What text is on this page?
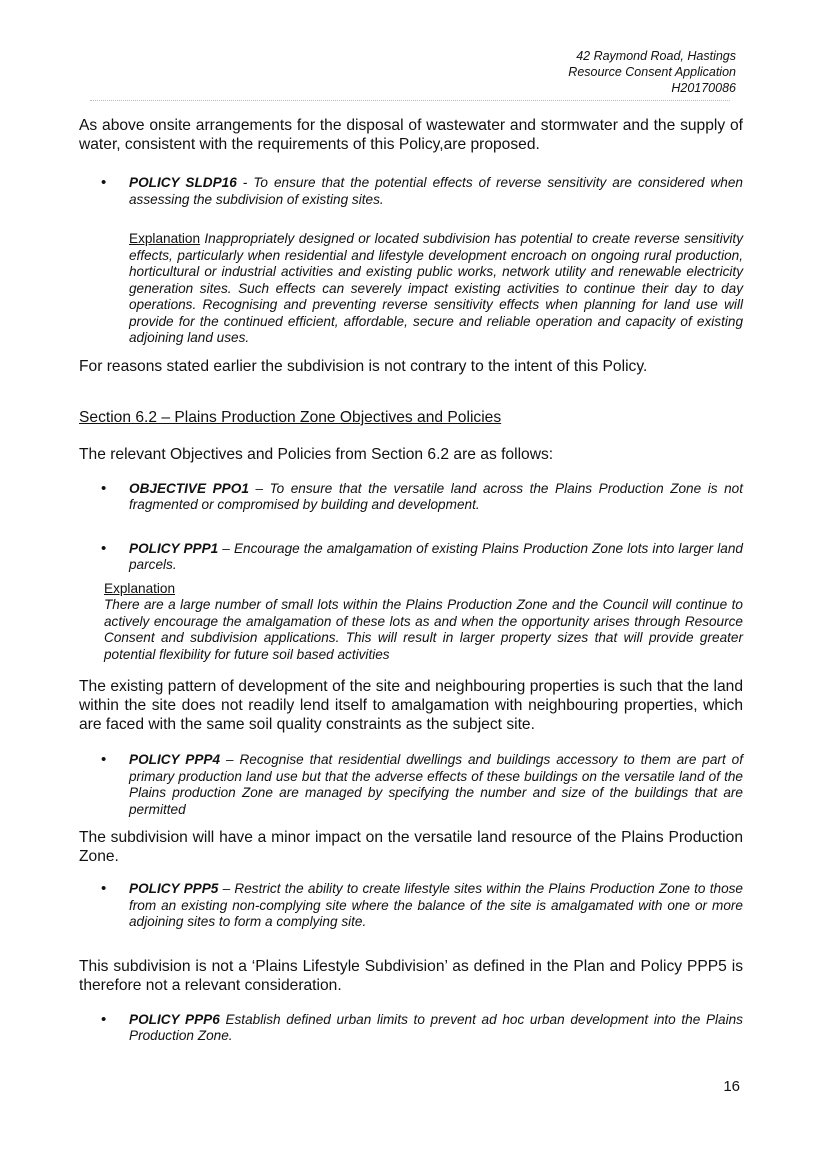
42 Raymond Road, Hastings
Resource Consent Application
H20170086

As above onsite arrangements for the disposal of wastewater and stormwater and the supply of water, consistent with the requirements of this Policy,are proposed.

• POLICY SLDP16 - To ensure that the potential effects of reverse sensitivity are considered when assessing the subdivision of existing sites.
Explanation Inappropriately designed or located subdivision has potential to create reverse sensitivity effects, particularly when residential and lifestyle development encroach on ongoing rural production, horticultural or industrial activities and existing public works, network utility and renewable electricity generation sites. Such effects can severely impact existing activities to continue their day to day operations. Recognising and preventing reverse sensitivity effects when planning for land use will provide for the continued efficient, affordable, secure and reliable operation and capacity of existing adjoining land uses.

For reasons stated earlier the subdivision is not contrary to the intent of this Policy.

Section 6.2 – Plains Production Zone Objectives and Policies

The relevant Objectives and Policies from Section 6.2 are as follows:

• OBJECTIVE PPO1 – To ensure that the versatile land across the Plains Production Zone is not fragmented or compromised by building and development.
• POLICY PPP1 – Encourage the amalgamation of existing Plains Production Zone lots into larger land parcels.
Explanation
There are a large number of small lots within the Plains Production Zone and the Council will continue to actively encourage the amalgamation of these lots as and when the opportunity arises through Resource Consent and subdivision applications. This will result in larger property sizes that will provide greater potential flexibility for future soil based activities

The existing pattern of development of the site and neighbouring properties is such that the land within the site does not readily lend itself to amalgamation with neighbouring properties, which are faced with the same soil quality constraints as the subject site.

• POLICY PPP4 – Recognise that residential dwellings and buildings accessory to them are part of primary production land use but that the adverse effects of these buildings on the versatile land of the Plains production Zone are managed by specifying the number and size of the buildings that are permitted

The subdivision will have a minor impact on the versatile land resource of the Plains Production Zone.

• POLICY PPP5 – Restrict the ability to create lifestyle sites within the Plains Production Zone to those from an existing non-complying site where the balance of the site is amalgamated with one or more adjoining sites to form a complying site.

This subdivision is not a ‘Plains Lifestyle Subdivision’ as defined in the Plan and Policy PPP5 is therefore not a relevant consideration.

• POLICY PPP6 Establish defined urban limits to prevent ad hoc urban development into the Plains Production Zone.
16
